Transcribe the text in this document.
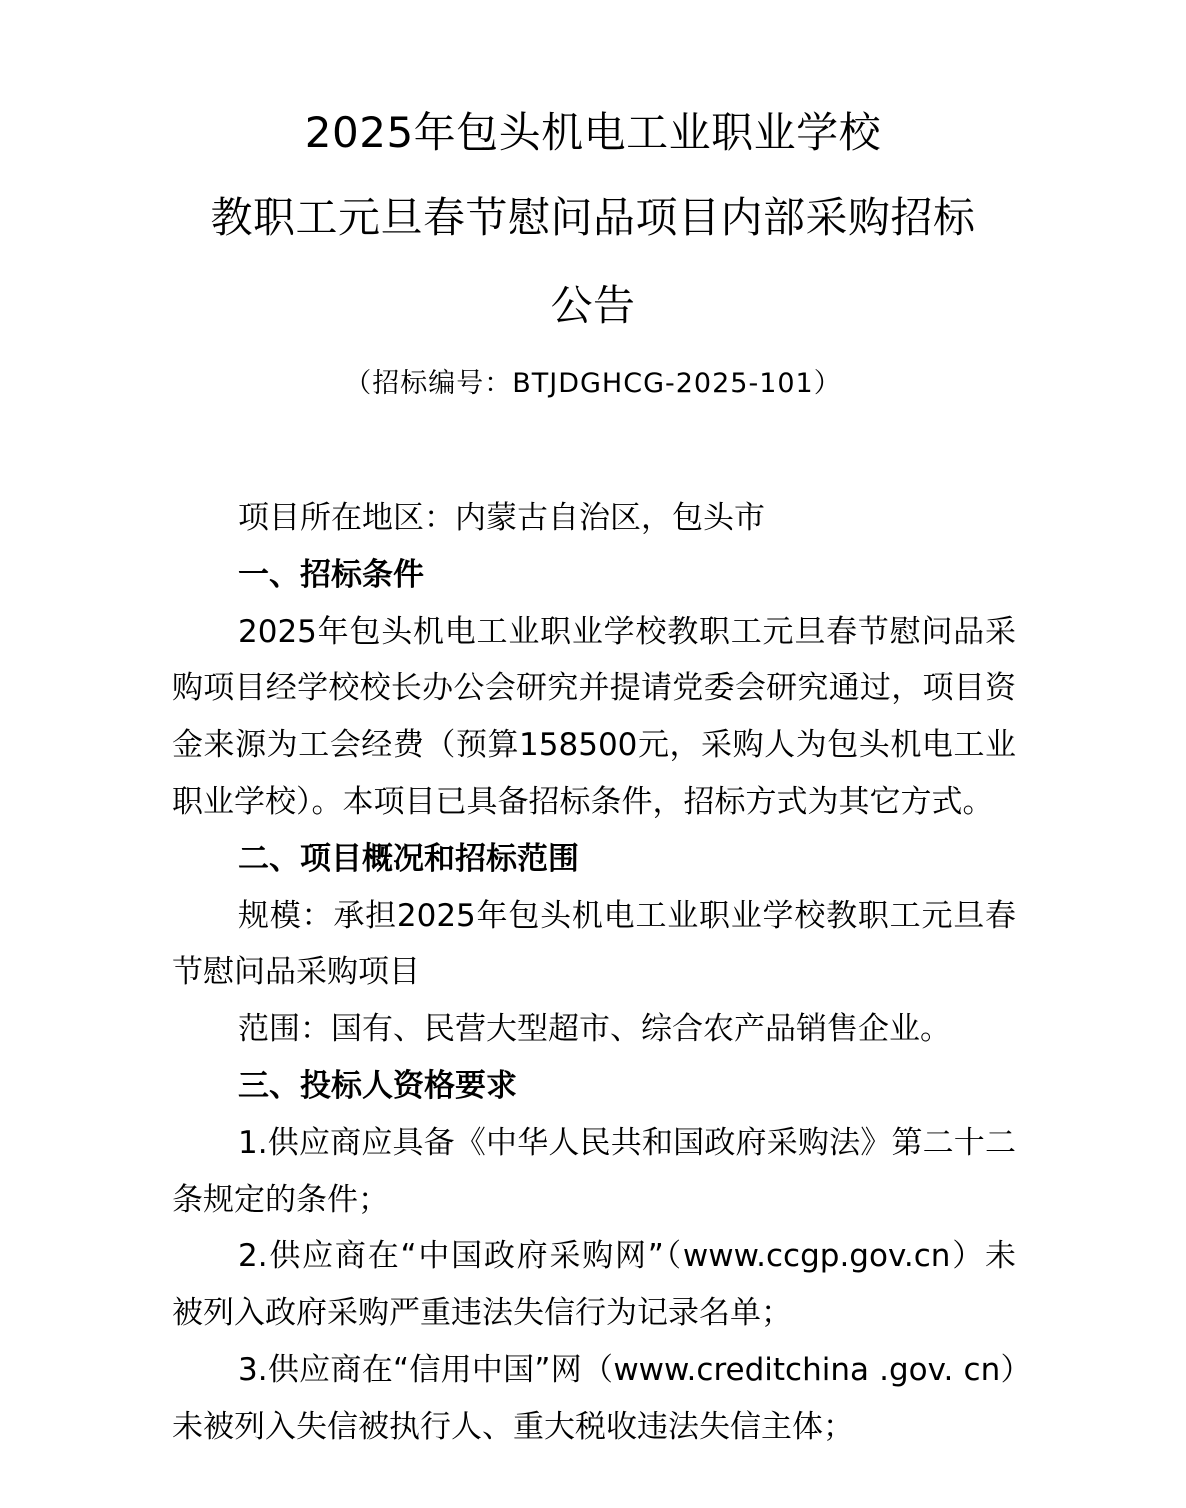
2025年包头机电工业职业学校
教职工元旦春节慰问品项目内部采购招标
公告

（招标编号：BTJDGHCG-2025-101）

项目所在地区：内蒙古自治区，包头市

一、招标条件

2025年包头机电工业职业学校教职工元旦春节慰问品采购项目经学校校长办公会研究并提请党委会研究通过，项目资金来源为工会经费（预算158500元，采购人为包头机电工业职业学校）。本项目已具备招标条件，招标方式为其它方式。

二、项目概况和招标范围

规模：承担2025年包头机电工业职业学校教职工元旦春节慰问品采购项目

范围：国有、民营大型超市、综合农产品销售企业。

三、投标人资格要求

1.供应商应具备《中华人民共和国政府采购法》第二十二条规定的条件；

2.供应商在“中国政府采购网”（www.ccgp.gov.cn）未被列入政府采购严重违法失信行为记录名单；

3.供应商在“信用中国”网（www.creditchina .gov. cn）未被列入失信被执行人、重大税收违法失信主体；
